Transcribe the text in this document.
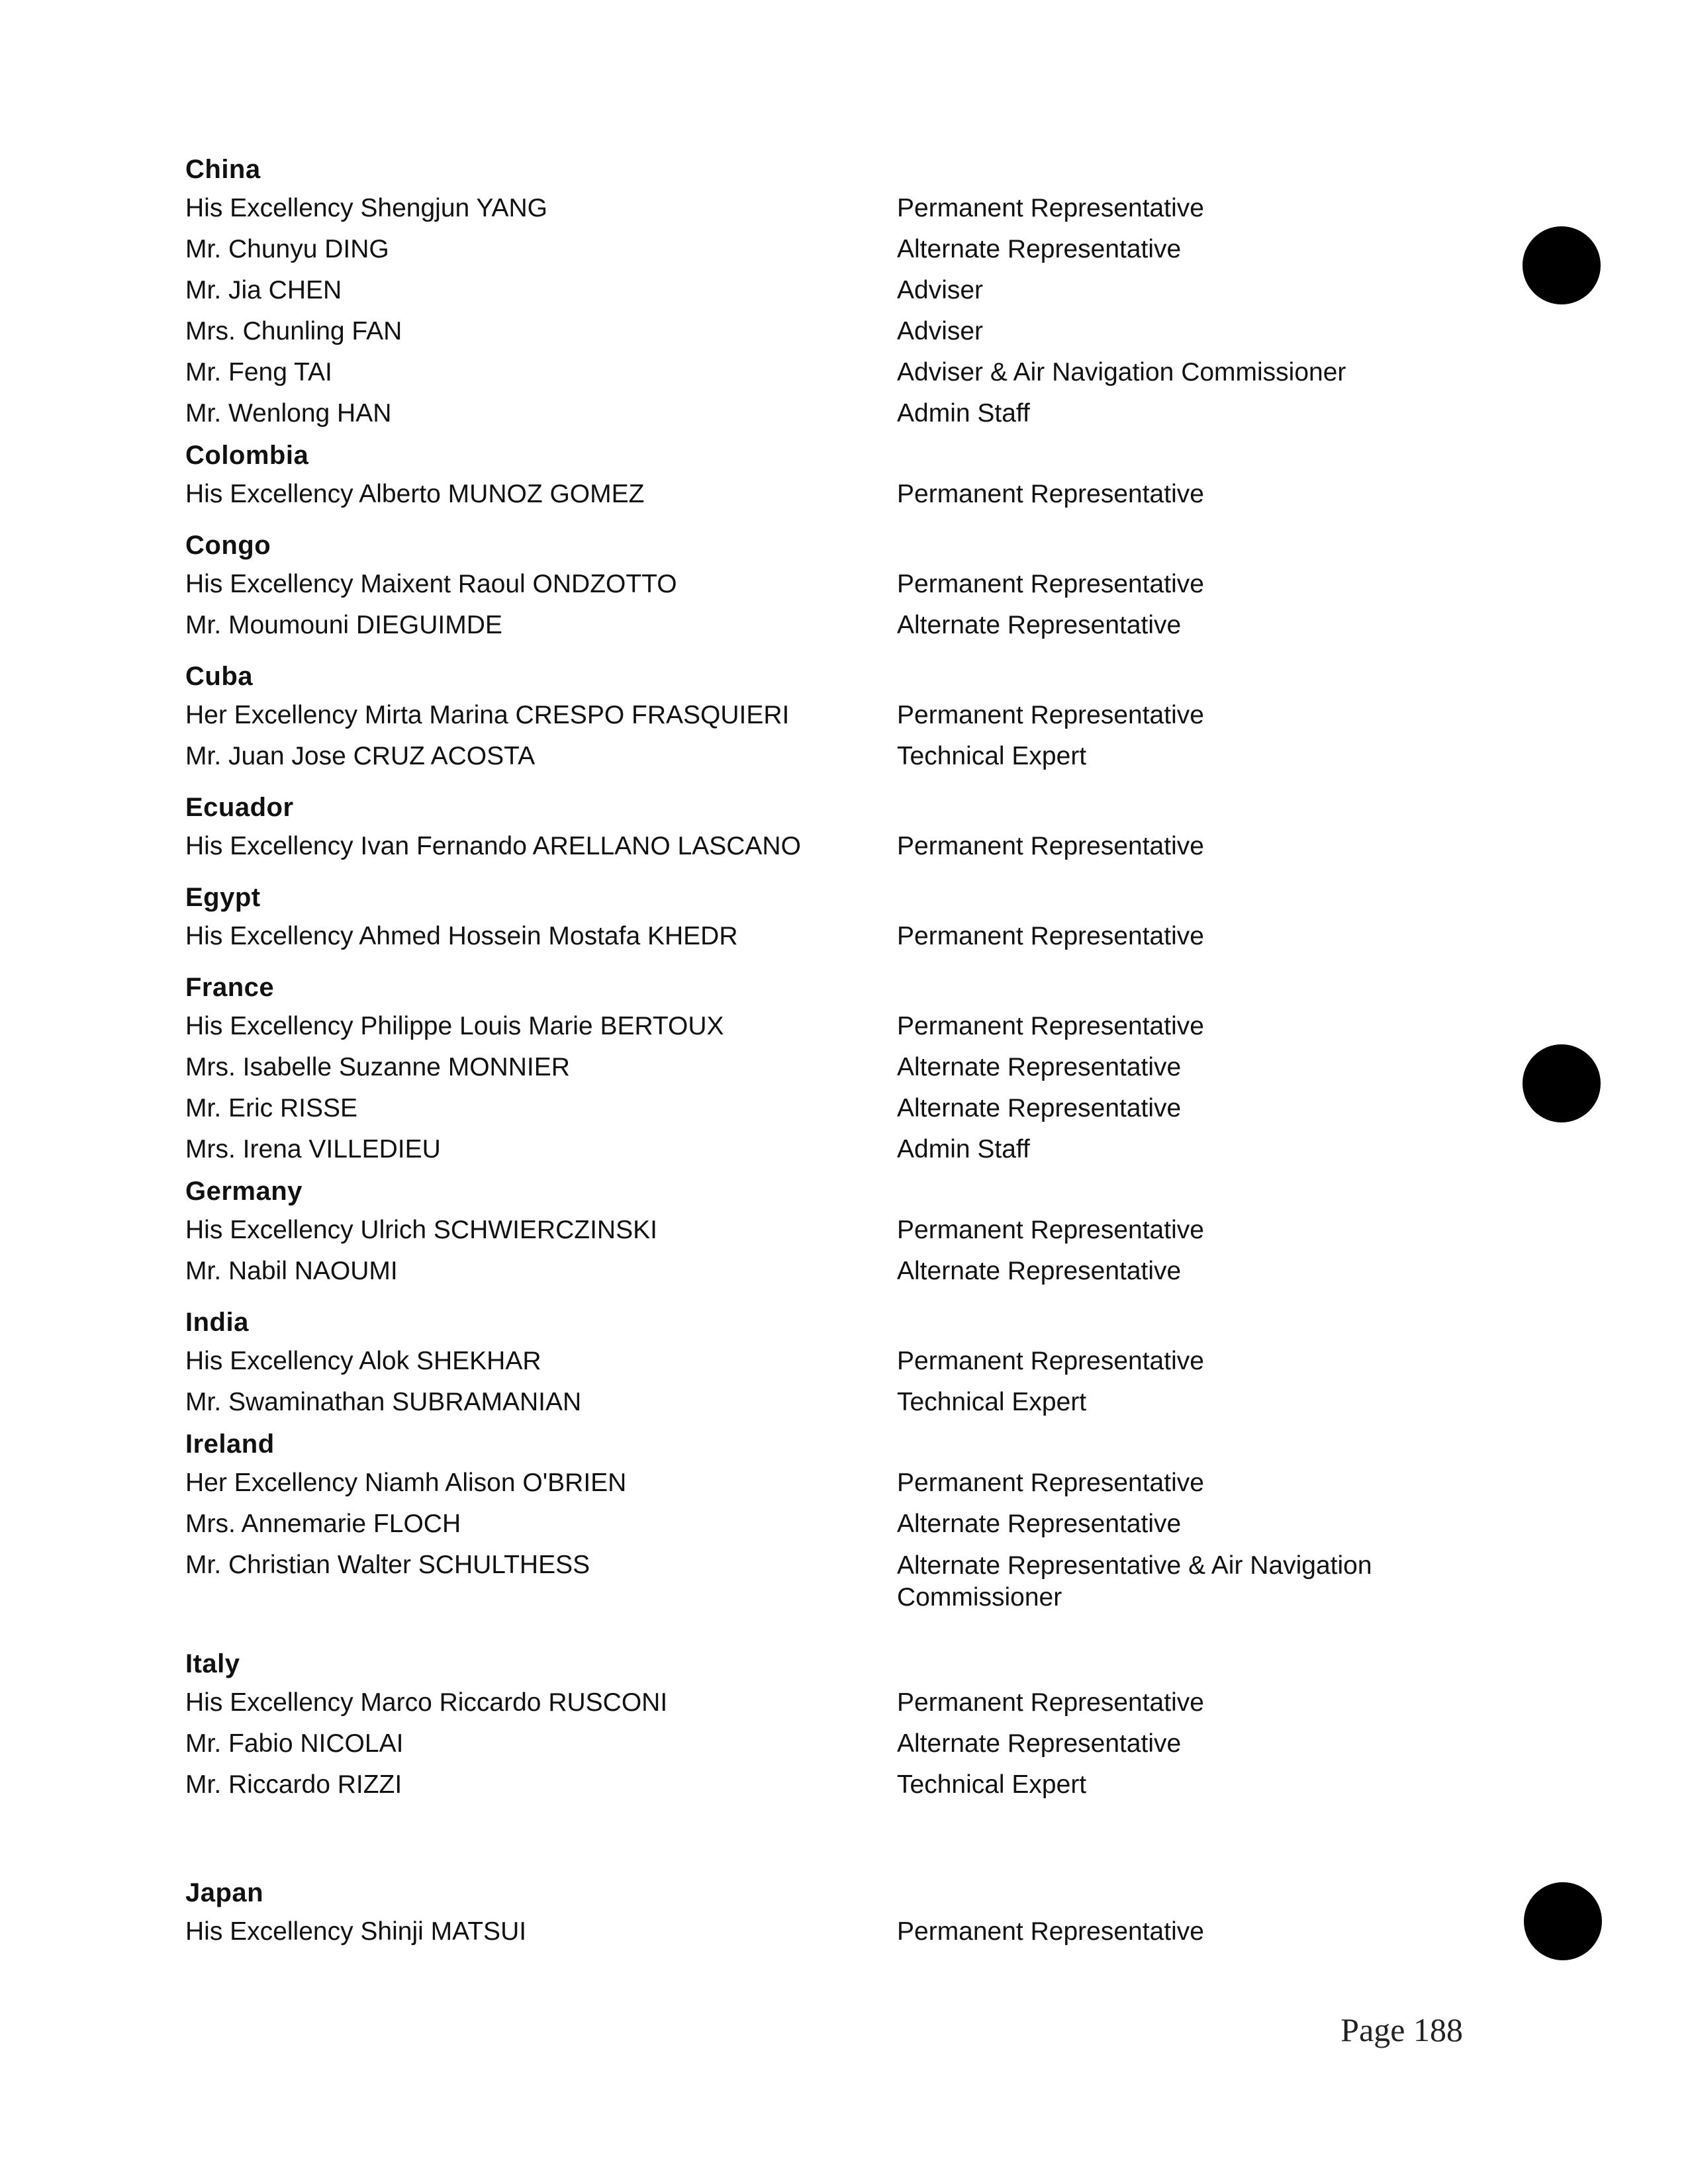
China
His Excellency Shengjun YANG	Permanent Representative
Mr. Chunyu DING	Alternate Representative
Mr. Jia CHEN	Adviser
Mrs. Chunling FAN	Adviser
Mr. Feng TAI	Adviser & Air Navigation Commissioner
Mr. Wenlong HAN	Admin Staff
Colombia
His Excellency Alberto MUNOZ GOMEZ	Permanent Representative
Congo
His Excellency Maixent Raoul ONDZOTTO	Permanent Representative
Mr. Moumouni DIEGUIMDE	Alternate Representative
Cuba
Her Excellency Mirta Marina CRESPO FRASQUIERI	Permanent Representative
Mr. Juan Jose CRUZ ACOSTA	Technical Expert
Ecuador
His Excellency Ivan Fernando ARELLANO LASCANO	Permanent Representative
Egypt
His Excellency Ahmed Hossein Mostafa KHEDR	Permanent Representative
France
His Excellency Philippe Louis Marie BERTOUX	Permanent Representative
Mrs. Isabelle Suzanne MONNIER	Alternate Representative
Mr. Eric RISSE	Alternate Representative
Mrs. Irena VILLEDIEU	Admin Staff
Germany
His Excellency Ulrich SCHWIERCZINSKI	Permanent Representative
Mr. Nabil NAOUMI	Alternate Representative
India
His Excellency Alok SHEKHAR	Permanent Representative
Mr. Swaminathan SUBRAMANIAN	Technical Expert
Ireland
Her Excellency Niamh Alison O'BRIEN	Permanent Representative
Mrs. Annemarie FLOCH	Alternate Representative
Mr. Christian Walter SCHULTHESS	Alternate Representative & Air Navigation Commissioner
Italy
His Excellency Marco Riccardo RUSCONI	Permanent Representative
Mr. Fabio NICOLAI	Alternate Representative
Mr. Riccardo RIZZI	Technical Expert
Japan
His Excellency Shinji MATSUI	Permanent Representative
Page 188
